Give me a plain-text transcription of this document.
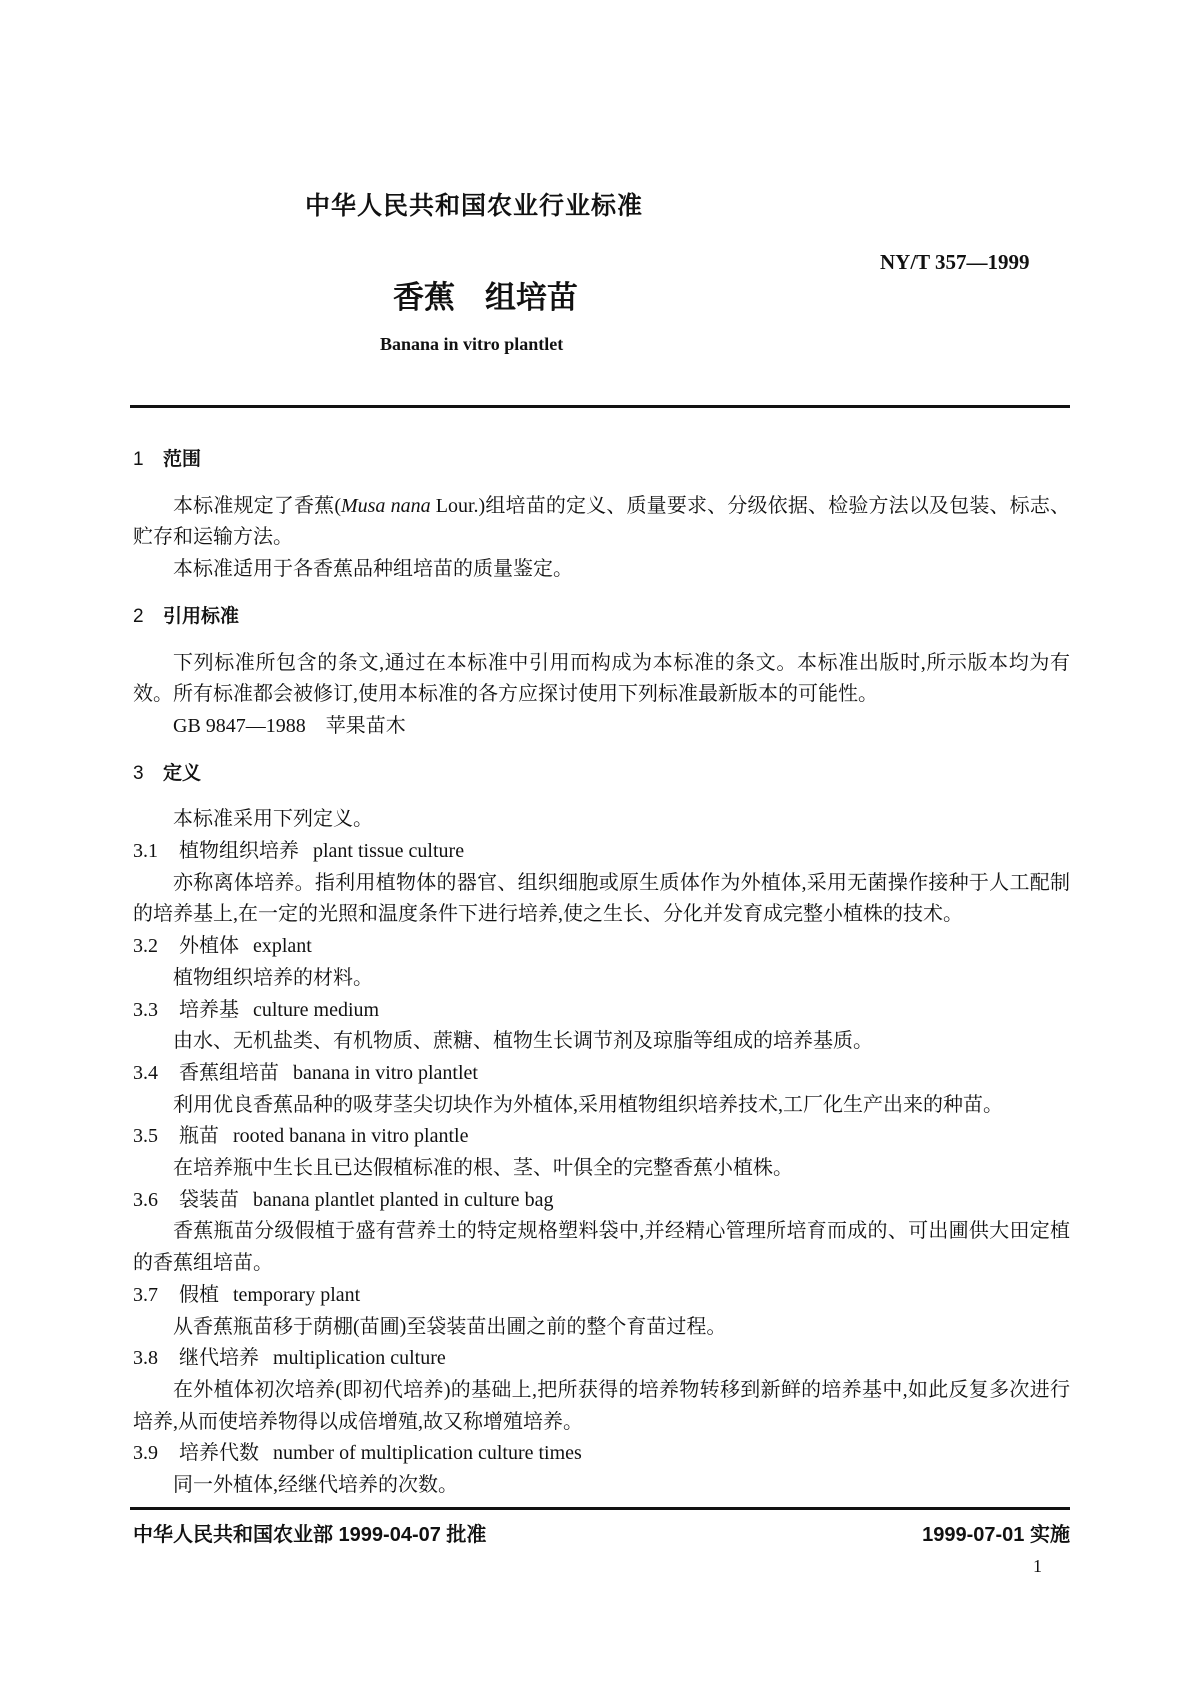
中华人民共和国农业行业标准
NY/T 357—1999
香蕉 组培苗
Banana in vitro plantlet
1 范围

本标准规定了香蕉(Musa nana Lour.)组培苗的定义、质量要求、分级依据、检验方法以及包装、标志、贮存和运输方法。

本标准适用于各香蕉品种组培苗的质量鉴定。

2 引用标准

下列标准所包含的条文,通过在本标准中引用而构成为本标准的条文。本标准出版时,所示版本均为有效。所有标准都会被修订,使用本标准的各方应探讨使用下列标准最新版本的可能性。

GB 9847—1988　苹果苗木

3 定义

本标准采用下列定义。

3.1 植物组织培养 plant tissue culture

亦称离体培养。指利用植物体的器官、组织细胞或原生质体作为外植体,采用无菌操作接种于人工配制的培养基上,在一定的光照和温度条件下进行培养,使之生长、分化并发育成完整小植株的技术。

3.2 外植体 explant

植物组织培养的材料。

3.3 培养基 culture medium

由水、无机盐类、有机物质、蔗糖、植物生长调节剂及琼脂等组成的培养基质。

3.4 香蕉组培苗 banana in vitro plantlet

利用优良香蕉品种的吸芽茎尖切块作为外植体,采用植物组织培养技术,工厂化生产出来的种苗。

3.5 瓶苗 rooted banana in vitro plantle

在培养瓶中生长且已达假植标准的根、茎、叶俱全的完整香蕉小植株。

3.6 袋装苗 banana plantlet planted in culture bag

香蕉瓶苗分级假植于盛有营养土的特定规格塑料袋中,并经精心管理所培育而成的、可出圃供大田定植的香蕉组培苗。

3.7 假植 temporary plant

从香蕉瓶苗移于荫棚(苗圃)至袋装苗出圃之前的整个育苗过程。

3.8 继代培养 multiplication culture

在外植体初次培养(即初代培养)的基础上,把所获得的培养物转移到新鲜的培养基中,如此反复多次进行培养,从而使培养物得以成倍增殖,故又称增殖培养。

3.9 培养代数 number of multiplication culture times

同一外植体,经继代培养的次数。

中华人民共和国农业部 1999-04-07 批准	1999-07-01 实施
1
